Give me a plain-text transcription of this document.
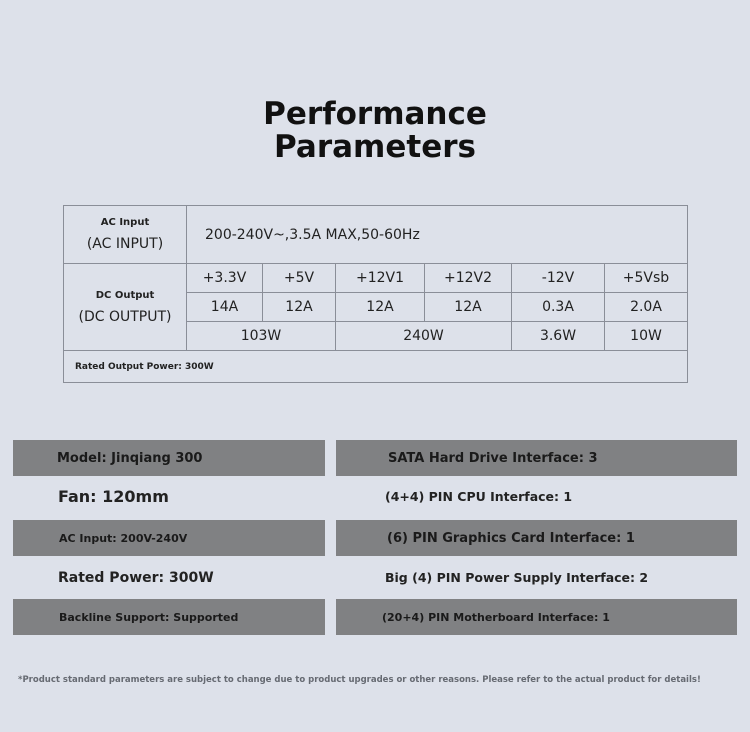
Performance
Parameters
AC Input
(AC INPUT)	200-240V~,3.5A MAX,50-60Hz					

DC Output
(DC OUTPUT)	+3.3V	+5V	+12V1	+12V2	-12V	+5Vsb
	14A	12A	12A	12A	0.3A	2.0A
	103W		240W		3.6W	10W
Rated Output Power: 300W						
Model: Jinqiang 300
Fan: 120mm
AC Input: 200V-240V
Rated Power: 300W
Backline Support: Supported
SATA Hard Drive Interface: 3
(4+4) PIN CPU Interface: 1
(6) PIN Graphics Card Interface: 1
Big (4) PIN Power Supply Interface: 2
(20+4) PIN Motherboard Interface: 1
*Product standard parameters are subject to change due to product upgrades or other reasons. Please refer to the actual product for details!
